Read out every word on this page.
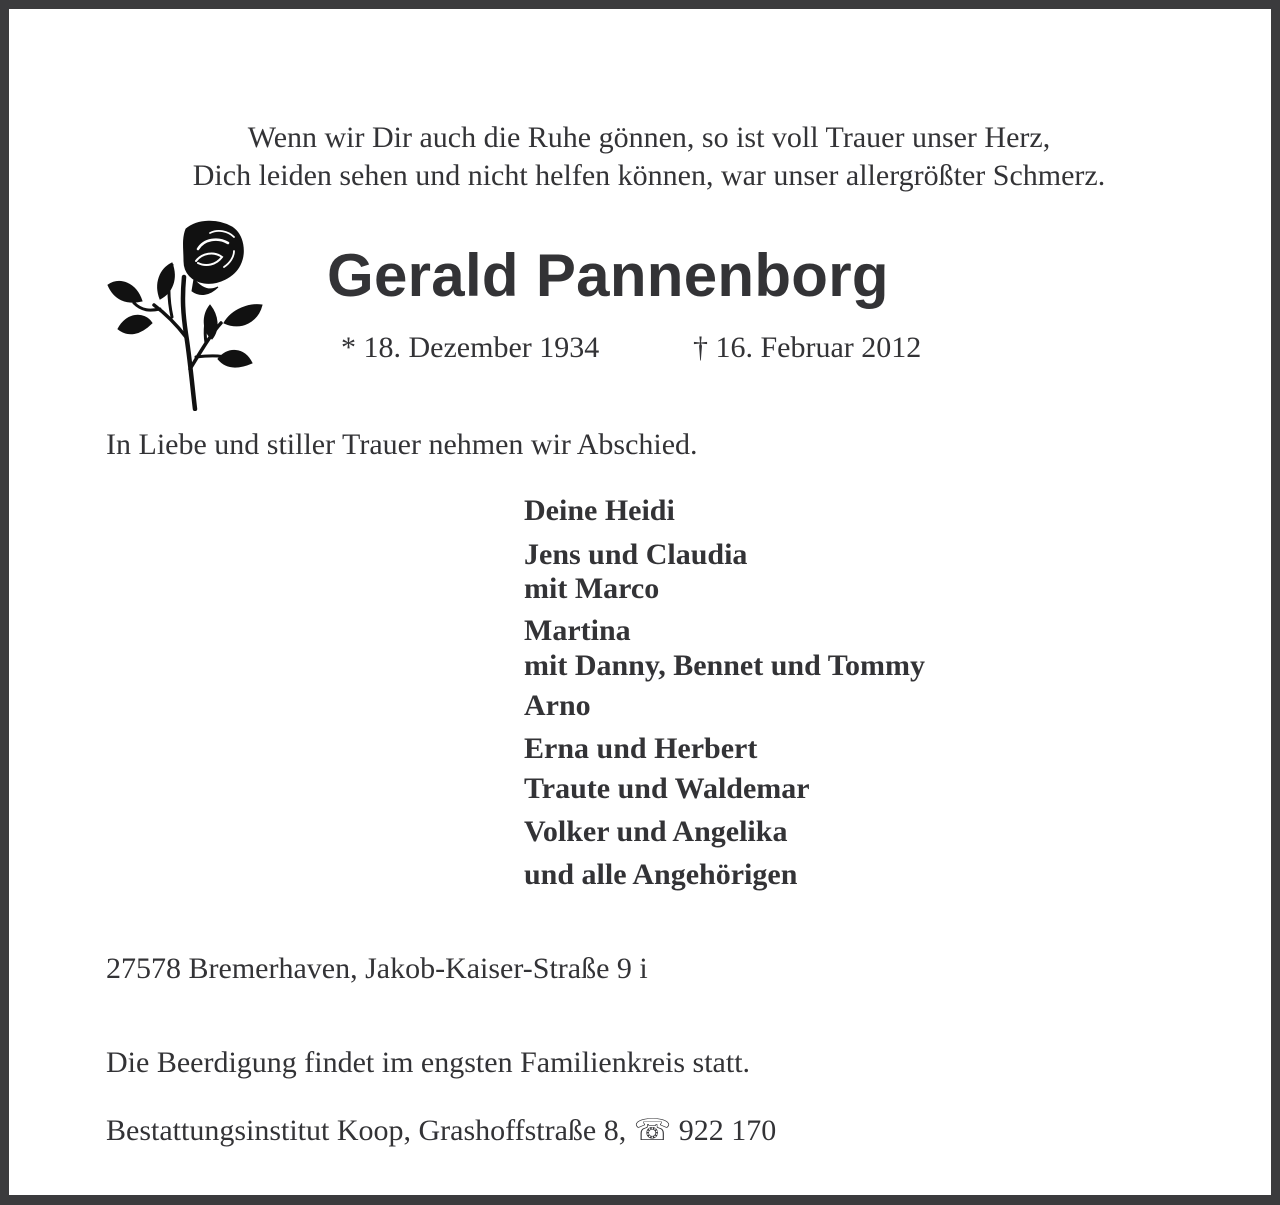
Wenn wir Dir auch die Ruhe gönnen, so ist voll Trauer unser Herz,
Dich leiden sehen und nicht helfen können, war unser allergrößter Schmerz.
Gerald Pannenborg
* 18. Dezember 1934	† 16. Februar 2012
In Liebe und stiller Trauer nehmen wir Abschied.
Deine Heidi
Jens und Claudia
mit Marco
Martina
mit Danny, Bennet und Tommy
Arno
Erna und Herbert
Traute und Waldemar
Volker und Angelika
und alle Angehörigen
27578 Bremerhaven, Jakob-Kaiser-Straße 9 i
Die Beerdigung findet im engsten Familienkreis statt.
Bestattungsinstitut Koop, Grashoffstraße 8, ☏ 922 170
